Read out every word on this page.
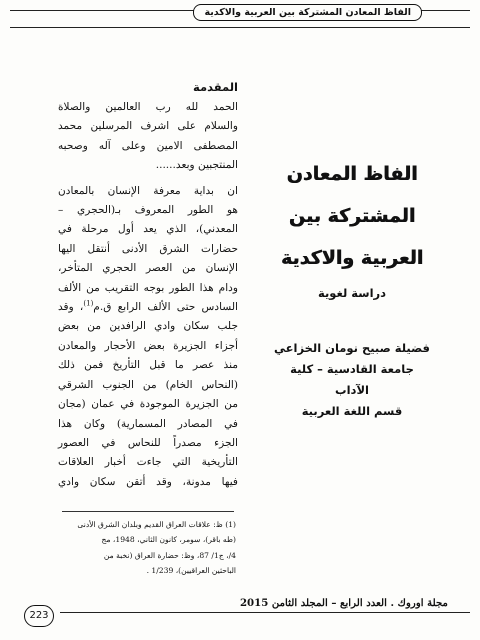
الفاظ المعادن المشتركة بين العربية والاكدية
المقدمة
الحمد لله رب العالمين والصلاة
والسلام على اشرف المرسلين محمد
المصطفى الامين وعلى آله وصحبه
المنتجبين وبعد......
ان بداية معرفة الإنسان بالمعادن
هو الطور المعروف بـ(الحجري –
المعدني)، الذي يعد أول مرحلة في
حضارات الشرق الأدنى أنتقل اليها
الإنسان من العصر الحجري المتأخر،
ودام هذا الطور بوجه التقريب من الألف
السادس حتى الألف الرابع ق.م$^{(1)}$، وقد
جلب سكان وادي الرافدين من بعض
أجزاء الجزيرة بعض الأحجار والمعادن
منذ عصر ما قبل التأريخ فمن ذلك
(النحاس الخام) من الجنوب الشرقي
من الجزيرة الموجودة في عمان (مجان
في المصادر المسمارية) وكان هذا
الجزء مصدراً للنحاس في العصور
التأريخية التي جاءت أخبار العلاقات
فيها مدونة، وقد أتقن سكان وادي
الفاظ المعادن
المشتركة بين
العربية والاكدية
دراسة لغوية
فضيلة صبيح نومان الخزاعي
جامعة القادسية – كلية
الآداب
قسم اللغة العربية
(1) ظ: علاقات العراق القديم وبلدان الشرق الأدنى
(طه باقر)، سومر، كانون الثاني، 1948، مج
4/، ج1/ 87، وظ: حضارة العراق (نخبة من
الباحثين العراقيين)، 1/239 .
مجلة اوروك . العدد الرابع – المجلد الثامن 2015
223
